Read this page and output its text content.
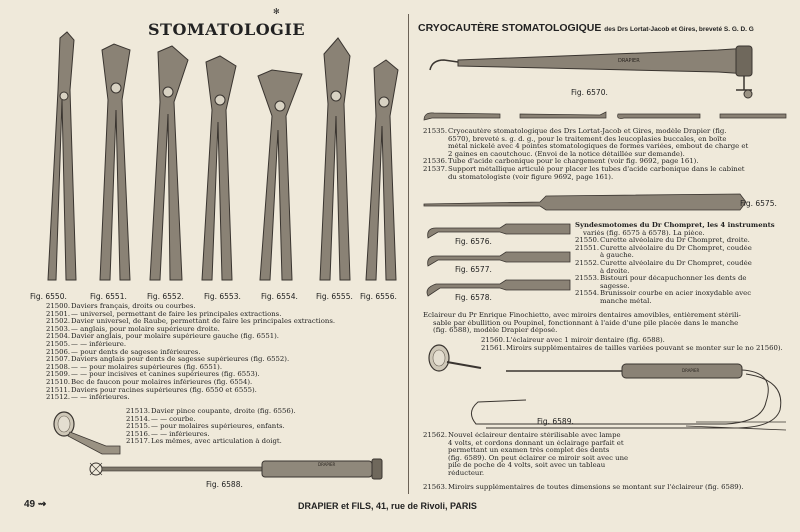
✻
STOMATOLOGIE
Fig. 6550.	Fig. 6551.	Fig. 6552.	Fig. 6553.	Fig. 6554. Fig. 6555. Fig. 6556.
21500.Daviers français, droits ou courbes.
21501.— universel, permettant de faire les principales extractions.
21502.Davier universel, de Raube, permettant de faire les principales extractions.
21503.— anglais, pour molaire supérieure droite.
21504.Davier anglais, pour molaire supérieure gauche (fig. 6551).
21505.— — inférieure.
21506.— pour dents de sagesse inférieures.
21507.Daviers anglais pour dents de sagesse supérieures (fig. 6552).
21508.— — pour molaires supérieures (fig. 6551).
21509.— — pour incisives et canines supérieures (fig. 6553).
21510.Bec de faucon pour molaires inférieures (fig. 6554).
21511.Daviers pour racines supérieures (fig. 6550 et 6555).
21512.— — inférieures.
21513.Davier pince coupante, droite (fig. 6556).
21514.— — courbe.
21515.— pour molaires supérieures, enfants.
21516.— — inférieures.
21517.Les mêmes, avec articulation à doigt.
DRAPIER
Fig. 6588.
49 ⇝	DRAPIER et FILS, 41, rue de Rivoli, PARIS
CRYOCAUTÈRE STOMATOLOGIQUE des Drs Lortat-Jacob et Gires, breveté S. G. D. G
DRAPIER
Fig. 6570.
21535.Cryocautère stomatologique des Drs Lortat-Jacob et Gires, modèle Drapier (fig.
6570), breveté s. g. d. g., pour le traitement des leucoplasies buccales, en boîte
métal nickelé avec 4 pointes stomatologiques de formes variées, embout de charge et
2 gaines en caoutchouc. (Envoi de la notice détaillée sur demande).
21536.Tube d'acide carbonique pour le chargement (voir fig. 9692, page 161).
21537.Support métallique articulé pour placer les tubes d'acide carbonique dans le cabinet
du stomatologiste (voir figure 9692, page 161).
Fig. 6575.
Fig. 6576.
Fig. 6577.
Fig. 6578.
Syndesmotomes du Dr Chompret, les 4 instruments
variés (fig. 6575 à 6578). La pièce.
21550.Curette alvéolaire du Dr Chompret, droite.
21551.Curette alvéolaire du Dr Chompret, coudée
à gauche.
21552.Curette alvéolaire du Dr Chompret, coudée
à droite.
21553.Bistouri pour décapuchonner les dents de
sagesse.
21554.Brunissoir courbe en acier inoxydable avec
manche métal.
Eclaireur du Pr Enrique Finochietto, avec miroirs dentaires amovibles, entièrement stérili-
sable par ébullition ou Poupinel, fonctionnant à l'aide d'une pile placée dans le manche
(fig. 6588), modèle Drapier déposé.
21560.L'éclaireur avec 1 miroir dentaire (fig. 6588).
21561.Miroirs supplémentaires de tailles variées pouvant se monter sur le no 21560).
DRAPIER
Fig. 6589.
21562.Nouvel éclaireur dentaire stérilisable avec lampe
4 volts, et cordons donnant un éclairage parfait et
permettant un examen très complet des dents
(fig. 6589). On peut éclairer ce miroir soit avec une
pile de poche de 4 volts, soit avec un tableau
réducteur.
21563.Miroirs supplémentaires de toutes dimensions se montant sur l'éclaireur (fig. 6589).
